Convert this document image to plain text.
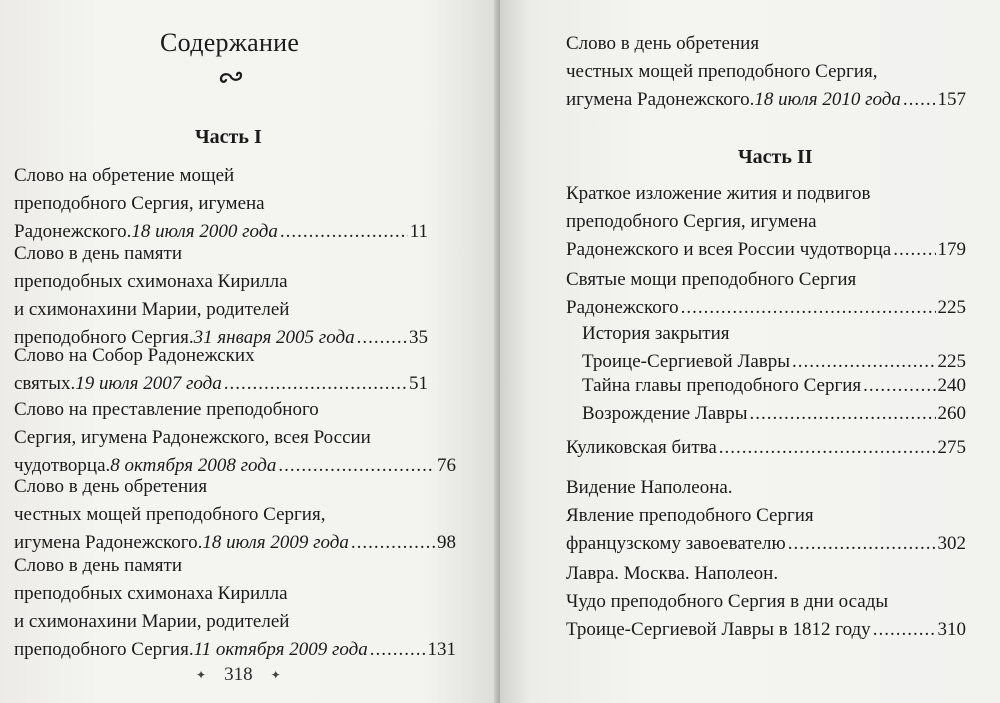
Содержание
Часть I
Слово на обретение мощей
преподобного Сергия, игумена
Радонежского. 18 июля 2000 года .....	11
Слово в день памяти
преподобных схимонаха Кирилла
и схимонахини Марии, родителей
преподобного Сергия. 31 января 2005 года .....	35
Слово на Собор Радонежских
святых. 19 июля 2007 года .....	51
Слово на преставление преподобного
Сергия, игумена Радонежского, всея России
чудотворца. 8 октября 2008 года .....	76
Слово в день обретения
честных мощей преподобного Сергия,
игумена Радонежского. 18 июля 2009 года .....	98
Слово в день памяти
преподобных схимонаха Кирилла
и схимонахини Марии, родителей
преподобного Сергия. 11 октября 2009 года .....	131
✦ 318 ✦
Слово в день обретения
честных мощей преподобного Сергия,
игумена Радонежского. 18 июля 2010 года ..... 157
Часть II
Краткое изложение жития и подвигов
преподобного Сергия, игумена
Радонежского и всея России чудотворца ..... 179
Святые мощи преподобного Сергия
Радонежского .....	225
История закрытия
Троице-Сергиевой Лавры .....	225
Тайна главы преподобного Сергия .....	240
Возрождение Лавры .....	260
Куликовская битва .....	275
Видение Наполеона.
Явление преподобного Сергия
французскому завоевателю .....	302
Лавра. Москва. Наполеон.
Чудо преподобного Сергия в дни осады
Троице-Сергиевой Лавры в 1812 году .....	310
